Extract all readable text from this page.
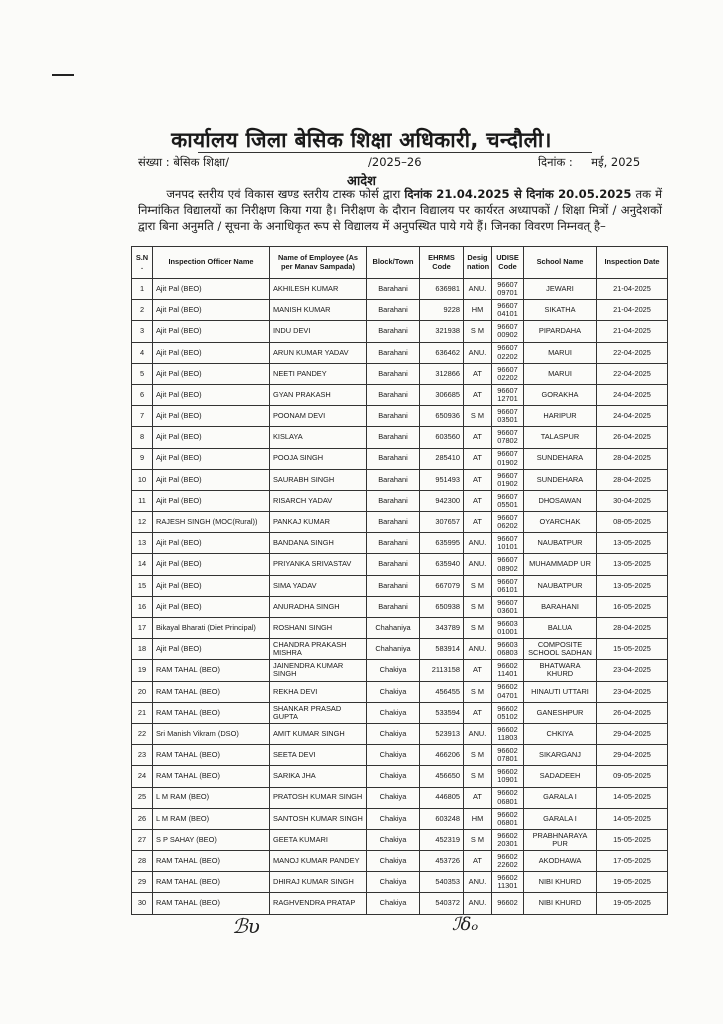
कार्यालय जिला बेसिक शिक्षा अधिकारी, चन्दौली।
संख्या : बेसिक शिक्षा/	/2025–26	दिनांक :     मई, 2025
आदेश
जनपद स्तरीय एवं विकास खण्ड स्तरीय टास्क फोर्स द्वारा दिनांक 21.04.2025 से दिनांक 20.05.2025 तक में निम्नांकित विद्यालयों का निरीक्षण किया गया है। निरीक्षण के दौरान विद्यालय पर कार्यरत अध्यापकों / शिक्षा मित्रों / अनुदेशकों द्वारा बिना अनुमति / सूचना के अनाधिकृत रूप से विद्यालय में अनुपस्थित पाये गये हैं। जिनका विवरण निम्नवत् है–
S.N .	Inspection Officer Name	Name of Employee (As per Manav Sampada)	Block/Town	EHRMS Code	Desig nation	UDISE Code	School Name	Inspection Date
1	Ajit Pal (BEO)	AKHILESH KUMAR	Barahani	636981	ANU.	96607 09701	JEWARI	21-04-2025
2	Ajit Pal (BEO)	MANISH KUMAR	Barahani	9228	HM	96607 04101	SIKATHA	21-04-2025
3	Ajit Pal (BEO)	INDU DEVI	Barahani	321938	S M	96607 00902	PIPARDAHA	21-04-2025
4	Ajit Pal (BEO)	ARUN KUMAR YADAV	Barahani	636462	ANU.	96607 02202	MARUI	22-04-2025
5	Ajit Pal (BEO)	NEETI PANDEY	Barahani	312866	AT	96607 02202	MARUI	22-04-2025
6	Ajit Pal (BEO)	GYAN PRAKASH	Barahani	306685	AT	96607 12701	GORAKHA	24-04-2025
7	Ajit Pal (BEO)	POONAM DEVI	Barahani	650936	S M	96607 03501	HARIPUR	24-04-2025
8	Ajit Pal (BEO)	KISLAYA	Barahani	603560	AT	96607 07802	TALASPUR	26-04-2025
9	Ajit Pal (BEO)	POOJA SINGH	Barahani	285410	AT	96607 01902	SUNDEHARA	28-04-2025
10	Ajit Pal (BEO)	SAURABH SINGH	Barahani	951493	AT	96607 01902	SUNDEHARA	28-04-2025
11	Ajit Pal (BEO)	RISARCH YADAV	Barahani	942300	AT	96607 05501	DHOSAWAN	30-04-2025
12	RAJESH SINGH (MOC(Rural))	PANKAJ KUMAR	Barahani	307657	AT	96607 06202	OYARCHAK	08-05-2025
13	Ajit Pal (BEO)	BANDANA SINGH	Barahani	635995	ANU.	96607 10101	NAUBATPUR	13-05-2025
14	Ajit Pal (BEO)	PRIYANKA SRIVASTAV	Barahani	635940	ANU.	96607 08902	MUHAMMADP UR	13-05-2025
15	Ajit Pal (BEO)	SIMA YADAV	Barahani	667079	S M	96607 06101	NAUBATPUR	13-05-2025
16	Ajit Pal (BEO)	ANURADHA SINGH	Barahani	650938	S M	96607 03601	BARAHANI	16-05-2025
17	Bikayal Bharati (Diet Principal)	ROSHANI SINGH	Chahaniya	343789	S M	96603 01001	BALUA	28-04-2025
18	Ajit Pal (BEO)	CHANDRA PRAKASH MISHRA	Chahaniya	583914	ANU.	96603 06803	COMPOSITE SCHOOL SADHAN	15-05-2025
19	RAM TAHAL (BEO)	JAINENDRA KUMAR SINGH	Chakiya	2113158	AT	96602 11401	BHATWARA KHURD	23-04-2025
20	RAM TAHAL (BEO)	REKHA DEVI	Chakiya	456455	S M	96602 04701	HINAUTI UTTARI	23-04-2025
21	RAM TAHAL (BEO)	SHANKAR PRASAD GUPTA	Chakiya	533594	AT	96602 05102	GANESHPUR	26-04-2025
22	Sri Manish Vikram (DSO)	AMIT KUMAR SINGH	Chakiya	523913	ANU.	96602 11803	CHKIYA	29-04-2025
23	RAM TAHAL (BEO)	SEETA DEVI	Chakiya	466206	S M	96602 07801	SIKARGANJ	29-04-2025
24	RAM TAHAL (BEO)	SARIKA JHA	Chakiya	456650	S M	96602 10901	SADADEEH	09-05-2025
25	L M RAM (BEO)	PRATOSH KUMAR SINGH	Chakiya	446805	AT	96602 06801	GARALA I	14-05-2025
26	L M RAM (BEO)	SANTOSH KUMAR SINGH	Chakiya	603248	HM	96602 06801	GARALA I	14-05-2025
27	S P SAHAY (BEO)	GEETA KUMARI	Chakiya	452319	S M	96602 20301	PRABHNARAYA PUR	15-05-2025
28	RAM TAHAL (BEO)	MANOJ KUMAR PANDEY	Chakiya	453726	AT	96602 22602	AKODHAWA	17-05-2025
29	RAM TAHAL (BEO)	DHIRAJ KUMAR SINGH	Chakiya	540353	ANU.	96602 11301	NIBI KHURD	19-05-2025
30	RAM TAHAL (BEO)	RAGHVENDRA PRATAP	Chakiya	540372	ANU.	96602	NIBI KHURD	19-05-2025
ℬυ	ℐδₒ
